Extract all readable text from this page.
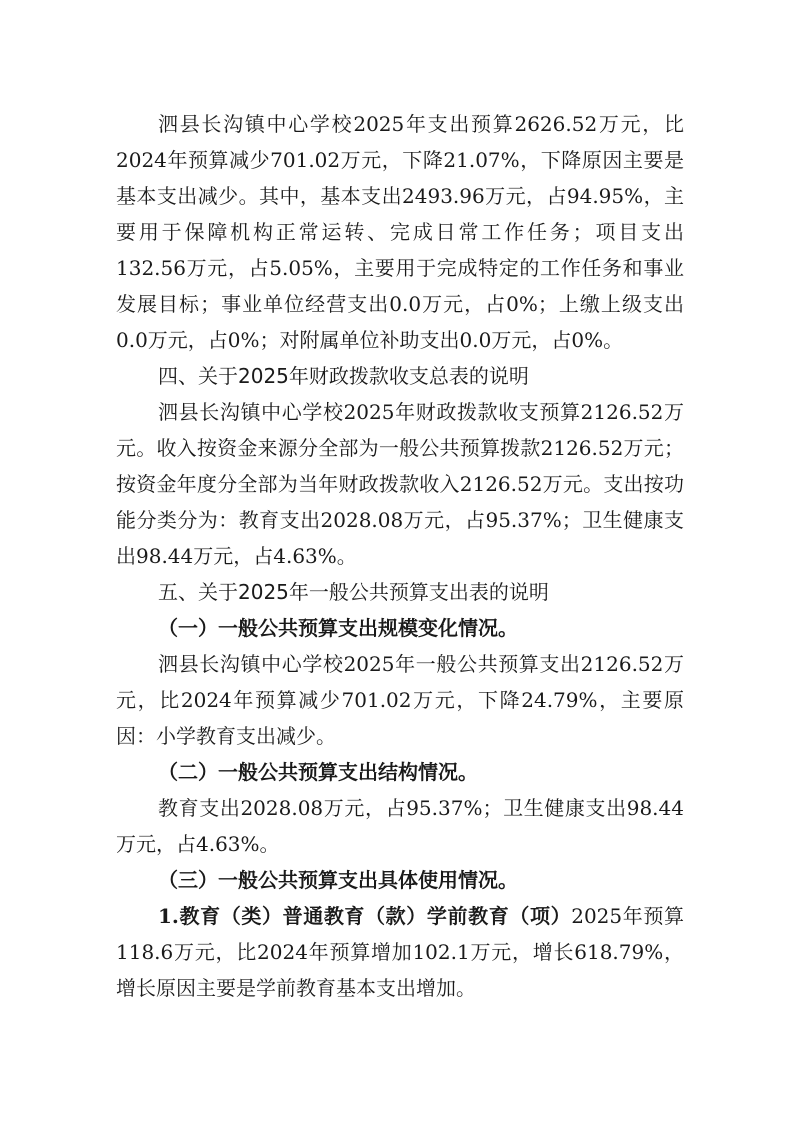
泗县长沟镇中心学校2025年支出预算2626.52万元，比2024年预算减少701.02万元，下降21.07%，下降原因主要是基本支出减少。其中，基本支出2493.96万元，占94.95%，主要用于保障机构正常运转、完成日常工作任务；项目支出132.56万元，占5.05%，主要用于完成特定的工作任务和事业发展目标；事业单位经营支出0.0万元，占0%；上缴上级支出0.0万元，占0%；对附属单位补助支出0.0万元，占0%。

四、关于2025年财政拨款收支总表的说明

泗县长沟镇中心学校2025年财政拨款收支预算2126.52万元。收入按资金来源分全部为一般公共预算拨款2126.52万元；按资金年度分全部为当年财政拨款收入2126.52万元。支出按功能分类分为：教育支出2028.08万元，占95.37%；卫生健康支出98.44万元，占4.63%。

五、关于2025年一般公共预算支出表的说明

（一）一般公共预算支出规模变化情况。

泗县长沟镇中心学校2025年一般公共预算支出2126.52万元，比2024年预算减少701.02万元，下降24.79%，主要原因：小学教育支出减少。

（二）一般公共预算支出结构情况。

教育支出2028.08万元，占95.37%；卫生健康支出98.44万元，占4.63%。

（三）一般公共预算支出具体使用情况。

1.教育（类）普通教育（款）学前教育（项）2025年预算118.6万元，比2024年预算增加102.1万元，增长618.79%，增长原因主要是学前教育基本支出增加。
